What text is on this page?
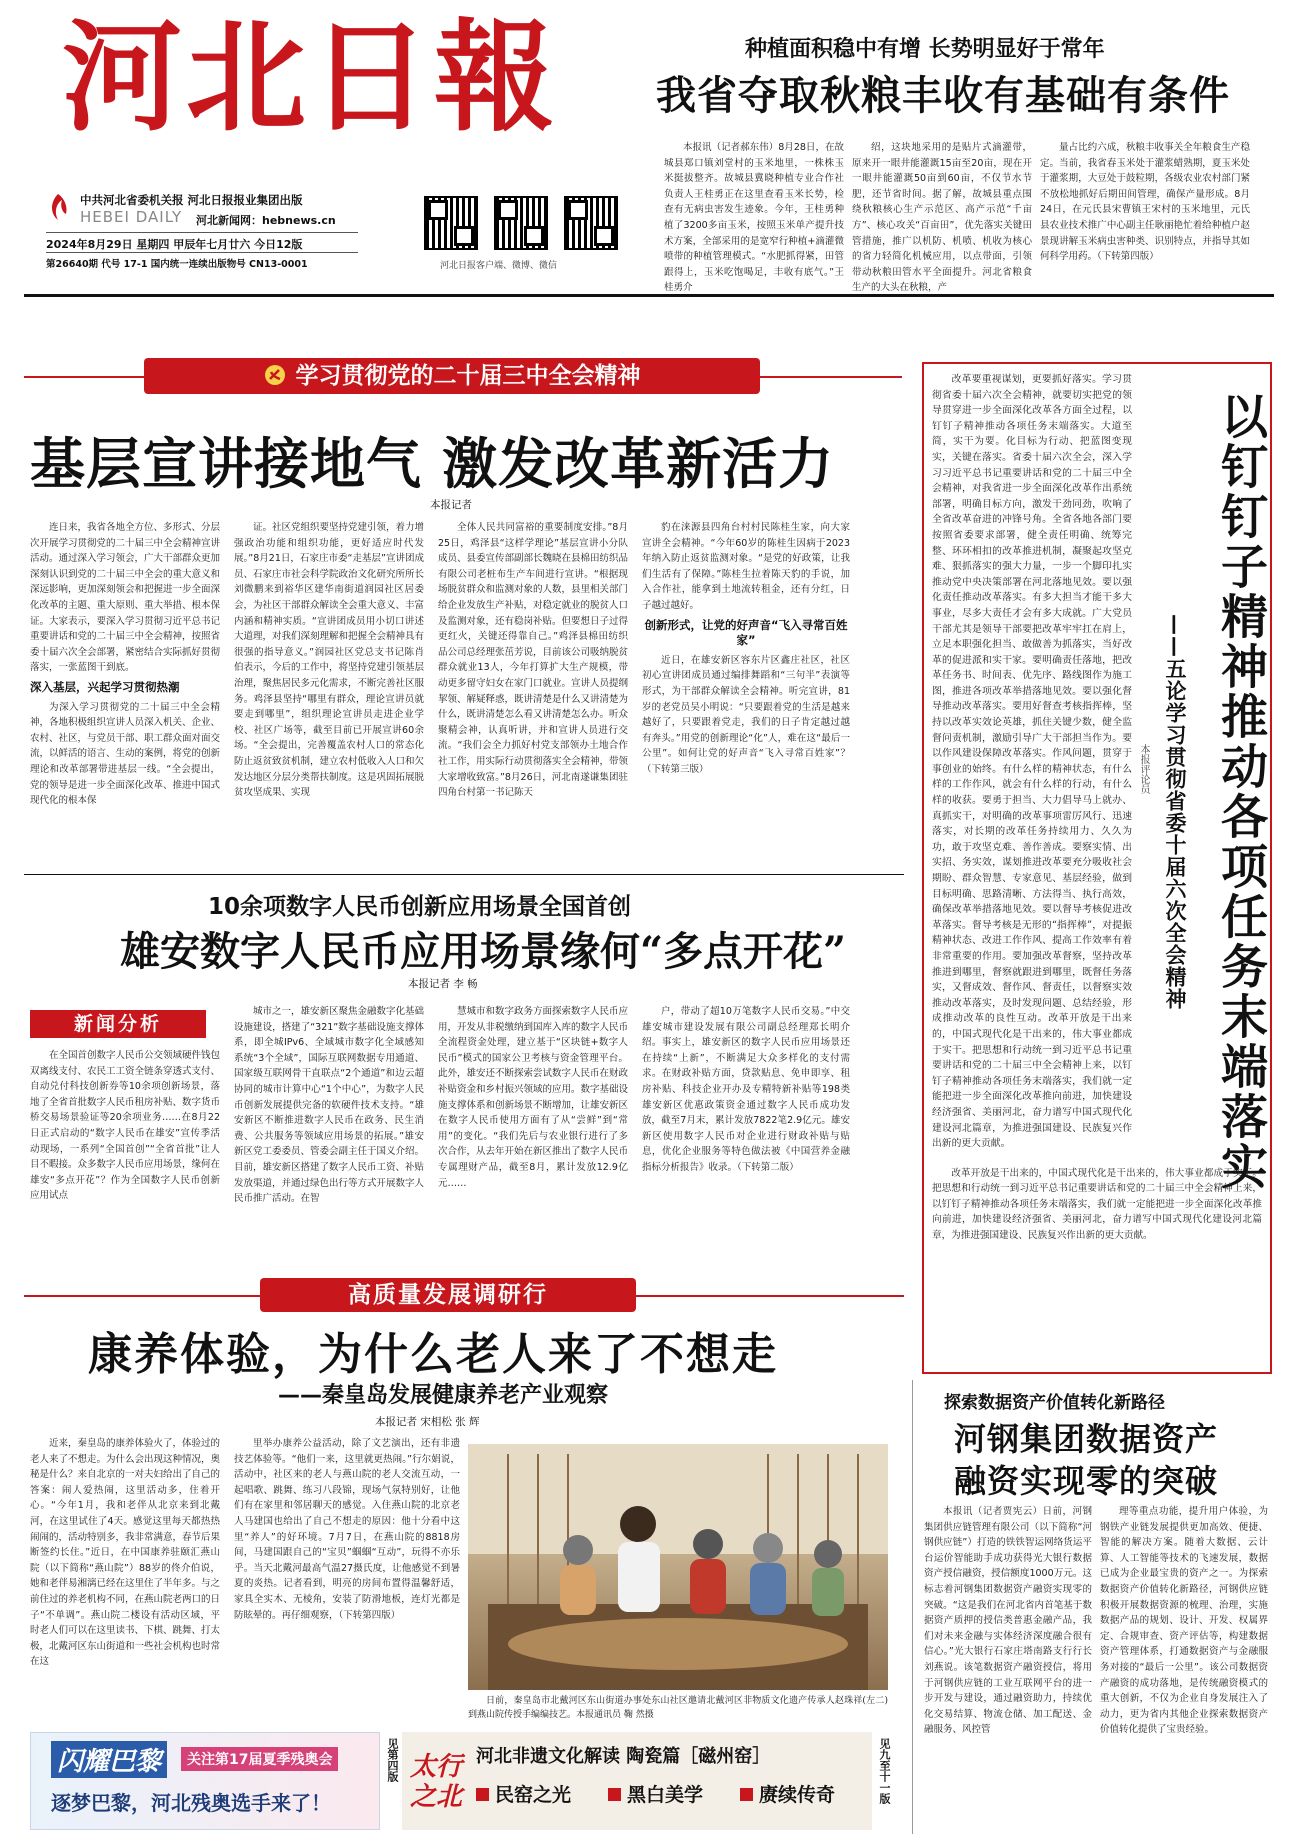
河北日報
中共河北省委机关报 河北日报报业集团出版
HEBEI DAILY 河北新闻网：hebnews.cn
2024年8月29日 星期四 甲辰年七月廿六 今日12版
第26640期 代号 17-1 国内统一连续出版物号 CN13-0001	河北日报客户端、微博、微信
种植面积稳中有增 长势明显好于常年
我省夺取秋粮丰收有基础有条件

本报讯（记者郝东伟）8月28日，在故城县郑口镇刘堂村的玉米地里，一株株玉米挺拔整齐。故城县冀晓种植专业合作社负责人王桂勇正在这里查看玉米长势，检查有无病虫害发生迹象。今年，王桂勇种植了3200多亩玉米，按照玉米单产提升技术方案，全部采用的是宽窄行种植+滴灌微喷带的种植管理模式。“水肥抓得紧，田管跟得上，玉米吃饱喝足，丰收有底气。”王桂勇介

绍，这块地采用的是贴片式滴灌带，原来开一眼井能灌溉15亩至20亩，现在开一眼井能灌溉50亩到60亩，不仅节水节肥，还节省时间。据了解，故城县重点围绕秋粮核心生产示范区、高产示范“千亩方”、核心攻关“百亩田”，优先落实关键田管措施，推广以机防、机喷、机收为核心的省力轻简化机械应用，以点带面，引领带动秋粮田管水平全面提升。河北省粮食生产的大头在秋粮，产

量占比约六成，秋粮丰收事关全年粮食生产稳定。当前，我省春玉米处于灌浆蜡熟期，夏玉米处于灌浆期，大豆处于鼓粒期，各级农业农村部门紧不放松地抓好后期田间管理，确保产量形成。8月24日，在元氏县宋曹镇王宋村的玉米地里，元氏县农业技术推广中心副主任耿丽艳忙着给种植户赵景现讲解玉米病虫害种类、识别特点，并指导其如何科学用药。（下转第四版）

学习贯彻党的二十届三中全会精神
基层宣讲接地气 激发改革新活力
本报记者

连日来，我省各地全方位、多形式、分层次开展学习贯彻党的二十届三中全会精神宣讲活动。通过深入学习领会，广大干部群众更加深刻认识到党的二十届三中全会的重大意义和深远影响，更加深刻领会和把握进一步全面深化改革的主题、重大原则、重大举措、根本保证。大家表示，要深入学习贯彻习近平总书记重要讲话和党的二十届三中全会精神，按照省委十届六次全会部署，紧密结合实际抓好贯彻落实，一张蓝图干到底。

深入基层，兴起学习贯彻热潮

为深入学习贯彻党的二十届三中全会精神，各地积极组织宣讲人员深入机关、企业、农村、社区，与党员干部、职工群众面对面交流，以鲜活的语言、生动的案例，将党的创新理论和改革部署带进基层一线。“全会提出，党的领导是进一步全面深化改革、推进中国式现代化的根本保

证。社区党组织要坚持党建引领，着力增强政治功能和组织功能，更好适应时代发展。”8月21日，石家庄市委“走基层”宣讲团成员、石家庄市社会科学院政治文化研究所所长刘微鹏来到裕华区建华南街道润园社区居委会，为社区干部群众解读全会重大意义、丰富内涵和精神实质。“宣讲团成员用小切口讲述大道理，对我们深刻理解和把握全会精神具有很强的指导意义。”润园社区党总支书记陈肖伯表示，今后的工作中，将坚持党建引领基层治理，聚焦居民多元化需求，不断完善社区服务。鸡泽县坚持“哪里有群众，理论宣讲员就要走到哪里”，组织理论宣讲员走进企业学校、社区广场等，截至目前已开展宣讲60余场。“全会提出，完善覆盖农村人口的常态化防止返贫致贫机制，建立农村低收入人口和欠发达地区分层分类帮扶制度。这是巩固拓展脱贫攻坚成果、实现

全体人民共同富裕的重要制度安排。”8月25日，鸡泽县“这样学理论”基层宣讲小分队成员、县委宣传部副部长魏晓在县棉田纺织品有限公司老桩布生产车间进行宣讲。“根据现场脱贫群众和监测对象的人数，县里相关部门给企业发放生产补贴，对稳定就业的脱贫人口及监测对象，还有稳岗补贴。但要想日子过得更红火，关键还得靠自己。”鸡泽县棉田纺织品公司总经理张茁芳说，目前该公司吸纳脱贫群众就业13人，今年打算扩大生产规模，带动更多留守妇女在家门口就业。宣讲人员提纲挈领、解疑释惑，既讲清楚是什么又讲清楚为什么，既讲清楚怎么看又讲清楚怎么办。听众聚精会神，认真听讲，并和宣讲人员进行交流。“我们会全力抓好村党支部领办土地合作社工作，用实际行动贯彻落实全会精神，带领大家增收致富。”8月26日，河北南遂谦集团驻四角台村第一书记陈天

豹在涞源县四角台村村民陈桂生家，向大家宣讲全会精神。“今年60岁的陈桂生因病于2023年纳入防止返贫监测对象。“是党的好政策，让我们生活有了保障。”陈桂生拉着陈天豹的手说，加入合作社，能拿到土地流转租金，还有分红，日子越过越好。

创新形式，让党的好声音“飞入寻常百姓家”

近日，在雄安新区容东片区鑫庄社区，社区初心宣讲团成员通过编排舞蹈和“三句半”表演等形式，为干部群众解读全会精神。听完宣讲，81岁的老党员吴小明说：“只要跟着党的生活是越来越好了，只要跟着党走，我们的日子肯定越过越有奔头。”用党的创新理论“化”人，难在这“最后一公里”。如何让党的好声音“飞入寻常百姓家”？（下转第三版）

改革要重视谋划，更要抓好落实。学习贯彻省委十届六次全会精神，就要切实把党的领导贯穿进一步全面深化改革各方面全过程，以钉钉子精神推动各项任务末端落实。大道至简，实干为要。化目标为行动、把蓝图变现实，关键在落实。省委十届六次全会，深入学习习近平总书记重要讲话和党的二十届三中全会精神，对我省进一步全面深化改革作出系统部署，明确目标方向，激发干劲同劲，吹响了全省改革奋进的冲锋号角。全省各地各部门要按照省委要求部署，健全责任明确、统筹完整、环环相扣的改革推进机制，凝聚起攻坚克难、狠抓落实的强大力量，一步一个脚印扎实推动党中央决策部署在河北落地见效。要以强化责任推动改革落实。有多大担当才能干多大事业，尽多大责任才会有多大成就。广大党员干部尤其是领导干部要把改革牢牢扛在肩上，立足本职强化担当、敢做善为抓落实，当好改革的促进派和实干家。要明确责任落地，把改革任务书、时间表、优先序、路线图作为施工图，推进各项改革举措落地见效。要以强化督导推动改革落实。要用好督查考核指挥棒，坚持以改革实效论英雄，抓住关键少数，健全监督问责机制，激励引导广大干部担当作为。要以作风建设保障改革落实。作风问题，贯穿于事创业的始终。有什么样的精神状态，有什么样的工作作风，就会有什么样的行动，有什么样的收获。要勇于担当、大力倡导马上就办、真抓实干，对明确的改革事项雷厉风行、迅速落实，对长期的改革任务持续用力、久久为功，敢于攻坚克难、善作善成。要察实情、出实招、务实效，谋划推进改革要充分吸收社会期盼、群众智慧、专家意见、基层经验，做到目标明确、思路清晰、方法得当、执行高效，确保改革举措落地见效。要以督导考核促进改革落实。督导考核是无形的“指挥棒”，对提振精神状态、改进工作作风、提高工作效率有着非常重要的作用。要加强改革督察，坚持改革推进到哪里，督察就跟进到哪里，既督任务落实，又督成效、督作风、督责任，以督察实效推动改革落实，及时发现问题、总结经验，形成推动改革的良性互动。改革开放是干出来的，中国式现代化是干出来的，伟大事业都成于实干。把思想和行动统一到习近平总书记重要讲话和党的二十届三中全会精神上来，以钉钉子精神推动各项任务末端落实，我们就一定能把进一步全面深化改革推向前进，加快建设经济强省、美丽河北，奋力谱写中国式现代化建设河北篇章，为推进强国建设、民族复兴作出新的更大贡献。

本报评论员 以钉钉子精神推动各项任务末端落实
——五论学习贯彻省委十届六次全会精神

改革开放是干出来的，中国式现代化是干出来的，伟大事业都成于实干。把思想和行动统一到习近平总书记重要讲话和党的二十届三中全会精神上来，以钉钉子精神推动各项任务末端落实，我们就一定能把进一步全面深化改革推向前进，加快建设经济强省、美丽河北，奋力谱写中国式现代化建设河北篇章，为推进强国建设、民族复兴作出新的更大贡献。

10余项数字人民币创新应用场景全国首创
雄安数字人民币应用场景缘何“多点开花”
本报记者 李 畅
新闻分析

在全国首创数字人民币公交领域硬件钱包双离线支付、农民工工资全链条穿透式支付、自动兑付科技创新券等10余项创新场景，落地了全省首批数字人民币租房补贴、数字货币桥交易场景验证等20余项业务……在8月22日正式启动的“数字人民币在雄安”宣传季活动现场，一系列“全国首创”“全省首批”让人目不暇接。众多数字人民币应用场景，缘何在雄安“多点开花”？作为全国数字人民币创新应用试点

城市之一，雄安新区聚焦金融数字化基础设施建设，搭建了“321”数字基础设施支撑体系，即全城IPv6、全域城市数字化全域感知系统“3个全域”，国际互联网数据专用通道、国家级互联网骨干直联点“2个通道”和边云超协同的城市计算中心“1个中心”，为数字人民币创新发展提供完备的软硬件技术支持。“雄安新区不断推进数字人民币在政务、民生消费、公共服务等领域应用场景的拓展。”雄安新区党工委委员、管委会副主任于国义介绍。目前，雄安新区搭建了数字人民币工资、补贴发放渠道，并通过绿色出行等方式开展数字人民币推广活动。在智

慧城市和数字政务方面探索数字人民币应用，开发从非税缴纳到国库入库的数字人民币全流程资金处理，建立基于“区块链+数字人民币”模式的国家公卫考核与资金管理平台。此外，雄安还不断探索尝试数字人民币在财政补贴资金和乡村振兴领域的应用。数字基础设施支撑体系和创新场景不断增加，让雄安新区在数字人民币使用方面有了从“尝鲜”到“常用”的变化。“我们先后与农业银行进行了多次合作，从去年开始在新区推出了数字人民币专属理财产品，截至8月，累计发放12.9亿元……

户，带动了超10万笔数字人民币交易。”中交雄安城市建设发展有限公司副总经理郑长明介绍。事实上，雄安新区的数字人民币应用场景还在持续“上新”，不断满足大众多样化的支付需求。在财政补贴方面，贷款贴息、免申即享、租房补贴、科技企业开办及专精特新补贴等198类雄安新区优惠政策资金通过数字人民币成功发放，截至7月末，累计发放7822笔2.9亿元。雄安新区使用数字人民币对企业进行财政补贴与贴息，优化企业服务等特色做法被《中国营养金融指标分析报告》收录。（下转第二版）

高质量发展调研行
康养体验，为什么老人来了不想走
——秦皇岛发展健康养老产业观察
本报记者 宋相松 张 辉

近来，秦皇岛的康养体验火了，体验过的老人来了不想走。为什么会出现这种情况，奥秘是什么？来自北京的一对夫妇给出了自己的答案：闹人爱热闹，这里活动多，住着开心。“今年1月，我和老伴从北京来到北戴河，在这里试住了4天。感觉这里每天都热热闹闹的，活动特别多，我非常满意，春节后果断签约长住。”近日，在中国康养驻颐汇燕山院（以下简称“燕山院”）88岁的佟介伯说，她和老伴易湘漓已经在这里住了半年多。与之前住过的养老机构不同，在燕山院老两口的日子“不单调”。燕山院二楼设有活动区域，平时老人们可以在这里读书、下棋、跳舞、打太极，北戴河区东山街道和一些社会机构也时常在这

里举办康养公益活动，除了文艺演出，还有非遗技艺体验等。“他们一来，这里就更热闹。”行尔娟说，活动中，社区来的老人与燕山院的老人交流互动，一起唱歌、跳舞、练习八段锦，现场气氛特别好，让他们有在家里和邻居聊天的感觉。入住燕山院的北京老人马建国也给出了自己不想走的原因：他十分看中这里“养人”的好环境。7月7日，在燕山院的8818房间，马建国跟自己的“宝贝”蝈蝈“互动”，玩得不亦乐乎。当天北戴河最高气温27摄氏度，让他感觉不到暑夏的炎热。记者看到，明亮的房间布置得温馨舒适，家具全实木、无棱角，安装了防滑地板，连灯光都是防眩晕的。再仔细观察，（下转第四版）

日前，秦皇岛市北戴河区东山街道办事处东山社区邀请北戴河区非物质文化遗产传承人赵珠祥(左二)到燕山院传授手编编技艺。本报通讯员 鞠 然摄

探索数据资产价值转化新路径
河钢集团数据资产
融资实现零的突破

本报讯（记者贾宪云）日前，河钢集团供应链管理有限公司（以下简称“河钢供应链”）打造的铁铁智运网络货运平台运价智能助手成功获得光大银行数据资产授信融资，授信额度1000万元。这标志着河钢集团数据资产融资实现零的突破。“这是我们在河北省内首笔基于数据资产质押的授信类普惠金融产品，我们对未来金融与实体经济深度融合很有信心。”光大银行石家庄塔南路支行行长刘燕说。该笔数据资产融资授信，将用于河钢供应链的工业互联网平台的进一步开发与建设，通过融资助力，持续优化交易结算、物流仓储、加工配送、金融服务、风控管

理等重点功能，提升用户体验，为钢铁产业链发展提供更加高效、便捷、智能的解决方案。随着大数据、云计算、人工智能等技术的飞速发展，数据已成为企业最宝贵的资产之一。为探索数据资产价值转化新路径，河钢供应链积极开展数据资源的梳理、治理，实施数据产品的规划、设计、开发、权属界定、合规审查、资产评估等，构建数据资产管理体系，打通数据资产与金融服务对接的“最后一公里”。该公司数据资产融资的成功落地，是传统融资模式的重大创新，不仅为企业自身发展注入了动力，更为省内其他企业探索数据资产价值转化提供了宝贵经验。

闪耀巴黎	关注第17届夏季残奥会
逐梦巴黎，河北残奥选手来了！
见第四版 太行之北
河北非遗文化解读 陶瓷篇［磁州窑］
民窑之光	黑白美学	赓续传奇	见九至十一版
